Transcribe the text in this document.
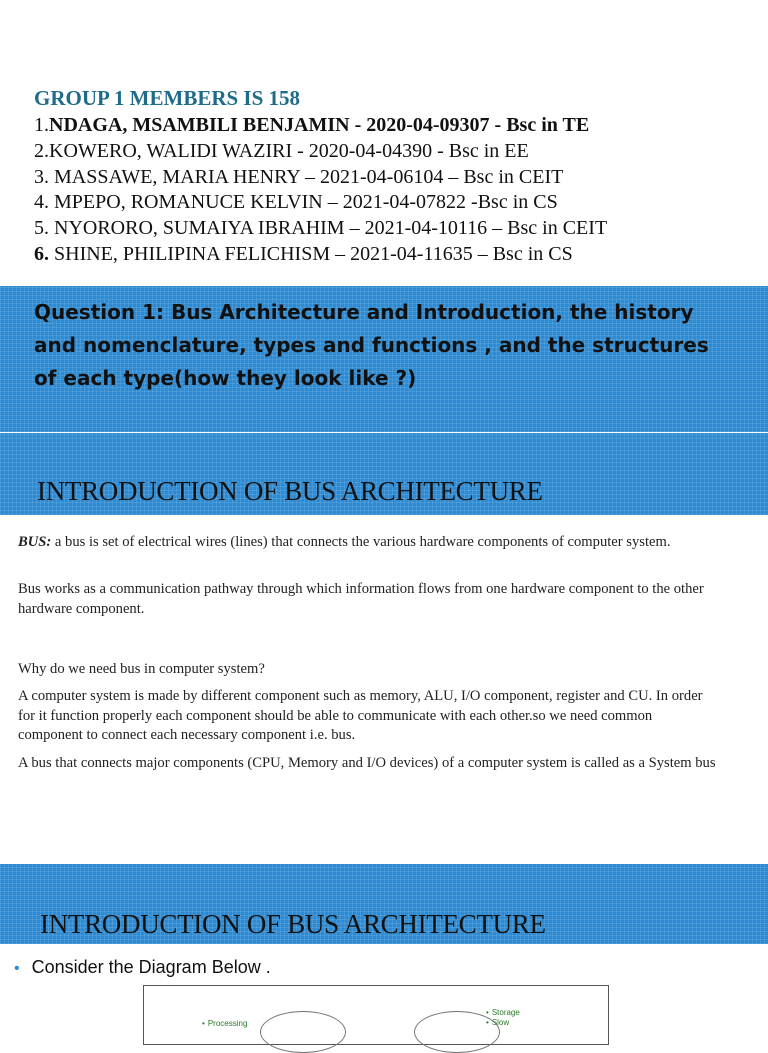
GROUP 1 MEMBERS IS 158
1.NDAGA, MSAMBILI BENJAMIN - 2020-04-09307 - Bsc in TE
2.KOWERO, WALIDI WAZIRI - 2020-04-04390 - Bsc in EE
3. MASSAWE, MARIA HENRY – 2021-04-06104 – Bsc in CEIT
4. MPEPO, ROMANUCE KELVIN – 2021-04-07822 -Bsc in CS
5. NYORORO, SUMAIYA IBRAHIM – 2021-04-10116 – Bsc in CEIT
6. SHINE, PHILIPINA FELICHISM – 2021-04-11635 – Bsc in CS
Question 1: Bus Architecture and Introduction, the history and nomenclature, types and functions , and the structures of each type(how they look like ?)
INTRODUCTION OF BUS ARCHITECTURE
BUS: a bus is set of electrical wires (lines) that connects the various hardware components of computer system.
Bus works as a communication pathway through which information flows from one hardware component to the other hardware component.
Why do we need bus in computer system?
A computer system is made by different component such as memory, ALU, I/O component, register and CU. In order for it function properly each component should be able to communicate with each other.so we need common component to connect each necessary component i.e. bus.
A bus that connects major components (CPU, Memory and I/O devices) of a computer system is called as a System bus
INTRODUCTION OF BUS ARCHITECTURE
• Consider the Diagram Below .
• Processing
• Storage
• Slow
